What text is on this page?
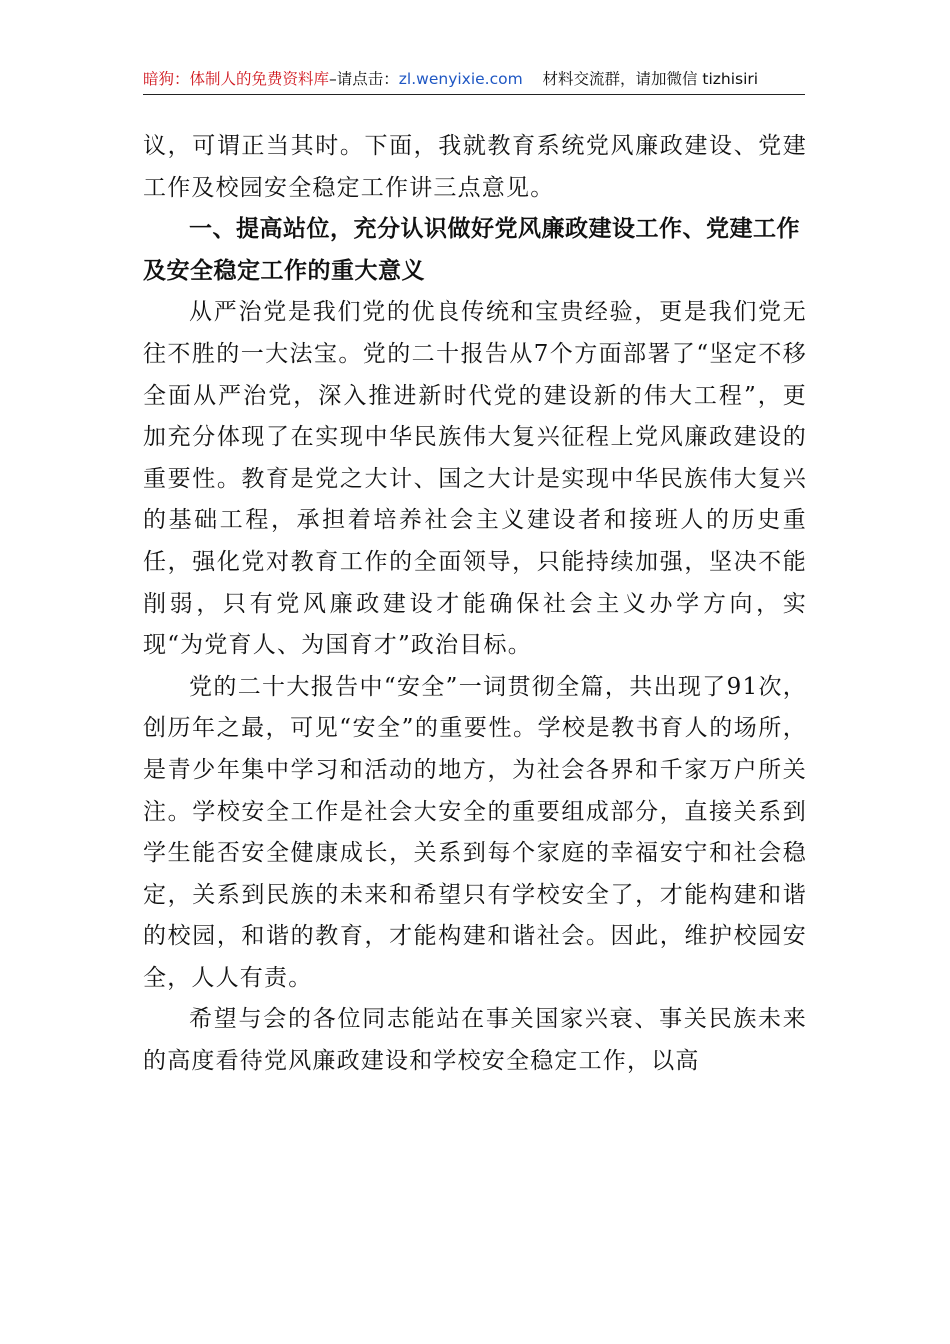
暗狗：体制人的免费资料库–请点击：zl.wenyixie.com 材料交流群，请加微信 tizhisiri

议，可谓正当其时。下面，我就教育系统党风廉政建设、党建工作及校园安全稳定工作讲三点意见。

一、提高站位，充分认识做好党风廉政建设工作、党建工作及安全稳定工作的重大意义

从严治党是我们党的优良传统和宝贵经验，更是我们党无往不胜的一大法宝。党的二十报告从7个方面部署了“坚定不移全面从严治党，深入推进新时代党的建设新的伟大工程”，更加充分体现了在实现中华民族伟大复兴征程上党风廉政建设的重要性。教育是党之大计、国之大计是实现中华民族伟大复兴的基础工程，承担着培养社会主义建设者和接班人的历史重任，强化党对教育工作的全面领导，只能持续加强，坚决不能削弱，只有党风廉政建设才能确保社会主义办学方向，实现“为党育人、为国育才”政治目标。

党的二十大报告中“安全”一词贯彻全篇，共出现了91次，创历年之最，可见“安全”的重要性。学校是教书育人的场所，是青少年集中学习和活动的地方，为社会各界和千家万户所关注。学校安全工作是社会大安全的重要组成部分，直接关系到学生能否安全健康成长，关系到每个家庭的幸福安宁和社会稳定，关系到民族的未来和希望只有学校安全了，才能构建和谐的校园，和谐的教育，才能构建和谐社会。因此，维护校园安全，人人有责。

希望与会的各位同志能站在事关国家兴衰、事关民族未来的高度看待党风廉政建设和学校安全稳定工作，以高
